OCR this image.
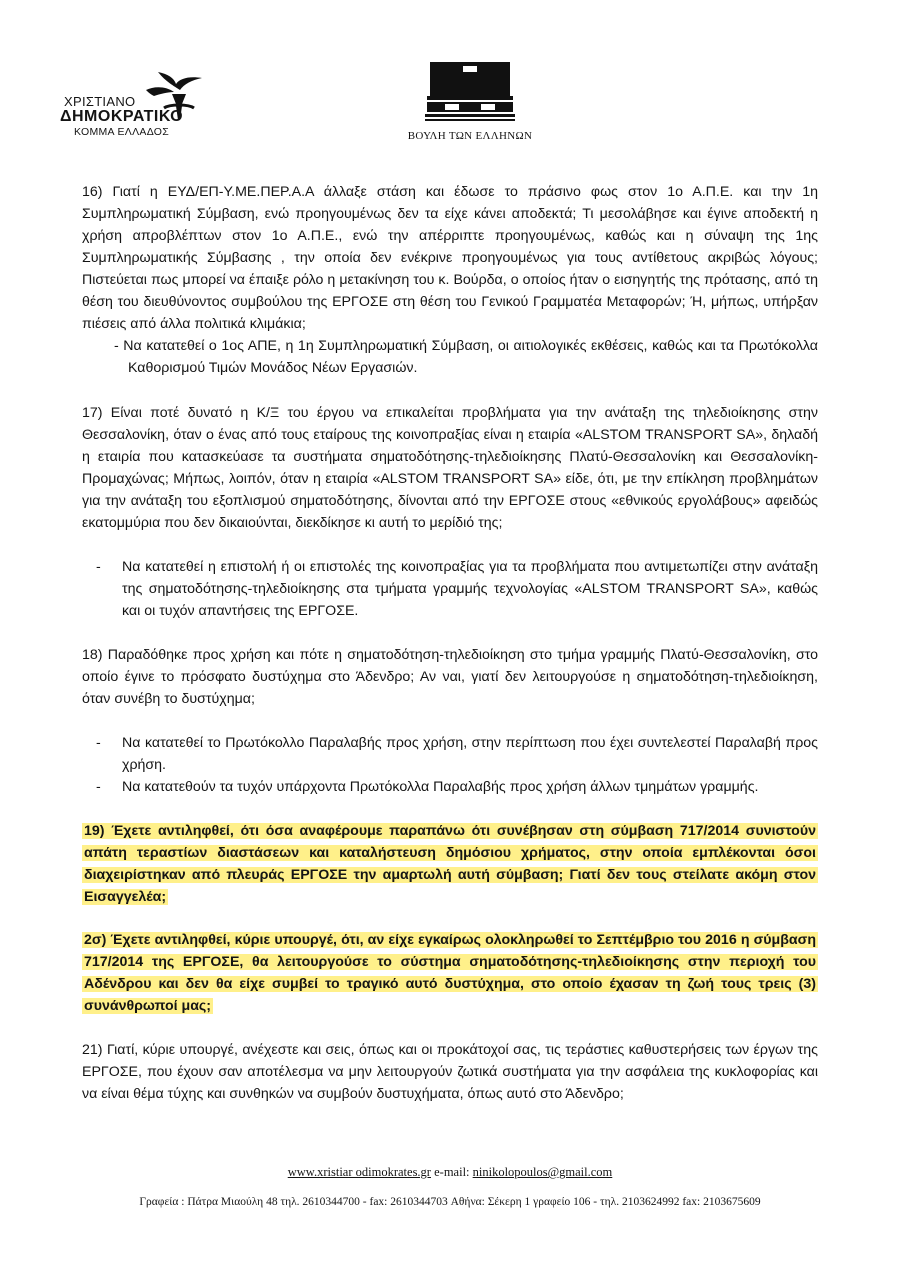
ΧΡΙΣΤΙΑΝΟ
ΔΗΜΟΚΡΑΤΙΚΟ
ΚΟΜΜΑ ΕΛΛΑΔΟΣ	ΒΟΥΛΗ ΤΩΝ ΕΛΛΗΝΩΝ

16) Γιατί η ΕΥΔ/ΕΠ-Υ.ΜΕ.ΠΕΡ.Α.Α άλλαξε στάση και έδωσε το πράσινο φως στον 1ο Α.Π.Ε. και την 1η Συμπληρωματική Σύμβαση, ενώ προηγουμένως δεν τα είχε κάνει αποδεκτά; Τι μεσολάβησε και έγινε αποδεκτή η χρήση απροβλέπτων στον 1ο Α.Π.Ε., ενώ την απέρριπτε προηγουμένως, καθώς και η σύναψη της 1ης Συμπληρωματικής Σύμβασης , την οποία δεν ενέκρινε προηγουμένως για τους αντίθετους ακριβώς λόγους; Πιστεύεται πως μπορεί να έπαιξε ρόλο η μετακίνηση του κ. Βούρδα, ο οποίος ήταν ο εισηγητής της πρότασης, από τη θέση του διευθύνοντος συμβούλου της ΕΡΓΟΣΕ στη θέση του Γενικού Γραμματέα Μεταφορών; Ή, μήπως, υπήρξαν πιέσεις από άλλα πολιτικά κλιμάκια;

- Να κατατεθεί ο 1ος ΑΠΕ, η 1η Συμπληρωματική Σύμβαση, οι αιτιολογικές εκθέσεις, καθώς και τα Πρωτόκολλα Καθορισμού Τιμών Μονάδος Νέων Εργασιών.

17) Είναι ποτέ δυνατό η Κ/Ξ του έργου να επικαλείται προβλήματα για την ανάταξη της τηλεδιοίκησης στην Θεσσαλονίκη, όταν ο ένας από τους εταίρους της κοινοπραξίας είναι η εταιρία «ALSTOM TRANSPORT SA», δηλαδή η εταιρία που κατασκεύασε τα συστήματα σηματοδότησης-τηλεδιοίκησης Πλατύ-Θεσσαλονίκη και Θεσσαλονίκη-Προμαχώνας; Μήπως, λοιπόν, όταν η εταιρία «ALSTOM TRANSPORT SA» είδε, ότι, με την επίκληση προβλημάτων για την ανάταξη του εξοπλισμού σηματοδότησης, δίνονται από την ΕΡΓΟΣΕ στους «εθνικούς εργολάβους» αφειδώς εκατομμύρια που δεν δικαιούνται, διεκδίκησε κι αυτή το μερίδιό της;

- Να κατατεθεί η επιστολή ή οι επιστολές της κοινοπραξίας για τα προβλήματα που αντιμετωπίζει στην ανάταξη της σηματοδότησης-τηλεδιοίκησης στα τμήματα γραμμής τεχνολογίας «ALSTOM TRANSPORT SA», καθώς και οι τυχόν απαντήσεις της ΕΡΓΟΣΕ.

18) Παραδόθηκε προς χρήση και πότε η σηματοδότηση-τηλεδιοίκηση στο τμήμα γραμμής Πλατύ-Θεσσαλονίκη, στο οποίο έγινε το πρόσφατο δυστύχημα στο Άδενδρο; Αν ναι, γιατί δεν λειτουργούσε η σηματοδότηση-τηλεδιοίκηση, όταν συνέβη το δυστύχημα;

- Να κατατεθεί το Πρωτόκολλο Παραλαβής προς χρήση, στην περίπτωση που έχει συντελεστεί Παραλαβή προς χρήση.

- Να κατατεθούν τα τυχόν υπάρχοντα Πρωτόκολλα Παραλαβής προς χρήση άλλων τμημάτων γραμμής.

19) Έχετε αντιληφθεί, ότι όσα αναφέρουμε παραπάνω ότι συνέβησαν στη σύμβαση 717/2014 συνιστούν απάτη τεραστίων διαστάσεων και καταλήστευση δημόσιου χρήματος, στην οποία εμπλέκονται όσοι διαχειρίστηκαν από πλευράς ΕΡΓΟΣΕ την αμαρτωλή αυτή σύμβαση; Γιατί δεν τους στείλατε ακόμη στον Εισαγγελέα;

2σ) Έχετε αντιληφθεί, κύριε υπουργέ, ότι, αν είχε εγκαίρως ολοκληρωθεί το Σεπτέμβριο του 2016 η σύμβαση 717/2014 της ΕΡΓΟΣΕ, θα λειτουργούσε το σύστημα σηματοδότησης-τηλεδιοίκησης στην περιοχή του Αδένδρου και δεν θα είχε συμβεί το τραγικό αυτό δυστύχημα, στο οποίο έχασαν τη ζωή τους τρεις (3) συνάνθρωποί μας;

21) Γιατί, κύριε υπουργέ, ανέχεστε και σεις, όπως και οι προκάτοχοί σας, τις τεράστιες καθυστερήσεις των έργων της ΕΡΓΟΣΕ, που έχουν σαν αποτέλεσμα να μην λειτουργούν ζωτικά συστήματα για την ασφάλεια της κυκλοφορίας και να είναι θέμα τύχης και συνθηκών να συμβούν δυστυχήματα, όπως αυτό στο Άδενδρο;

www.xristiar odimokrates.gr e-mail: ninikolopoulos@gmail.com
Γραφεία : Πάτρα Μιαούλη 48 τηλ. 2610344700 - fax: 2610344703 Αθήνα: Σέκερη 1 γραφείο 106 - τηλ. 2103624992 fax: 2103675609
